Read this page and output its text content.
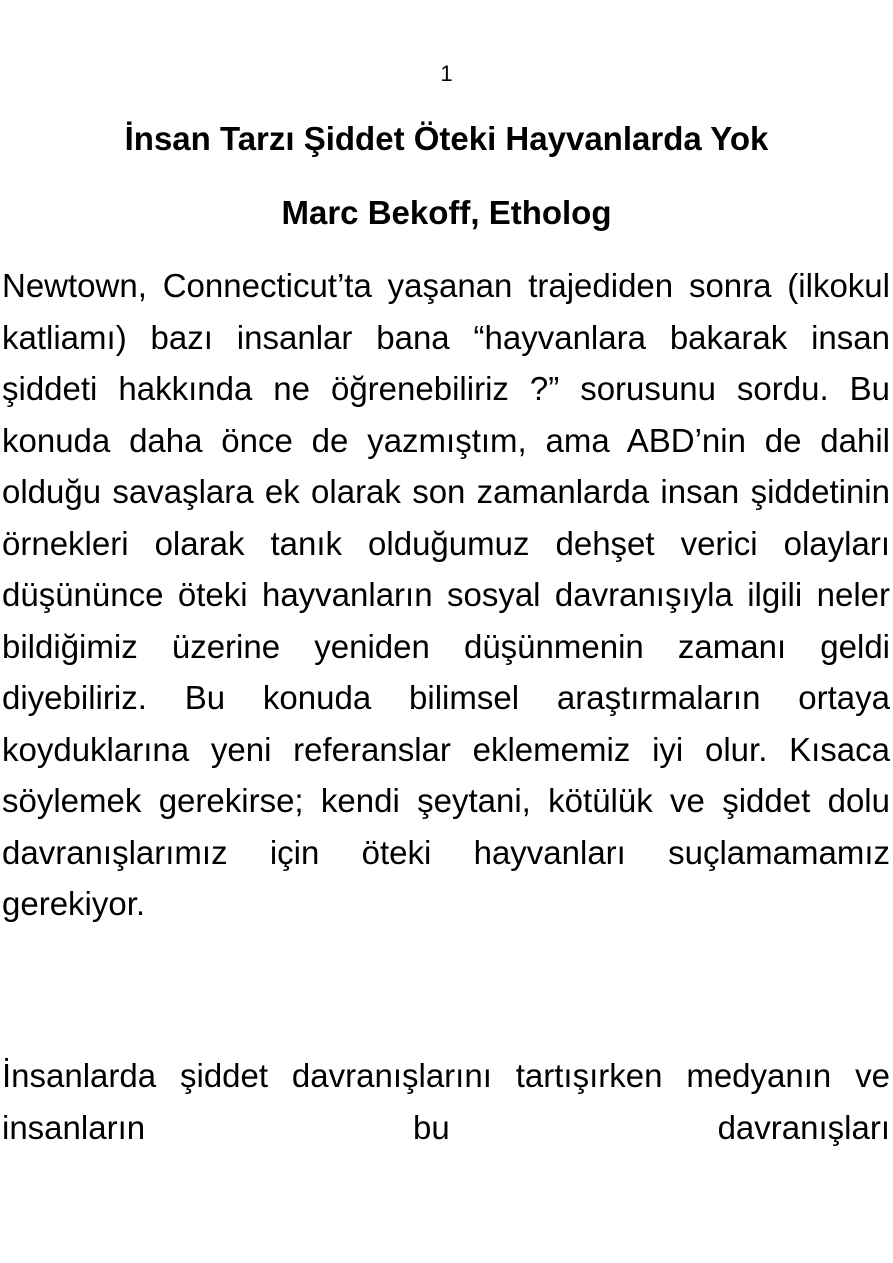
1
İnsan Tarzı Şiddet Öteki Hayvanlarda Yok
Marc Bekoff, Etholog

Newtown, Connecticut’ta yaşanan trajediden sonra (ilkokul katliamı) bazı insanlar bana “hayvanlara bakarak insan şiddeti hakkında ne öğrenebiliriz ?” sorusunu sordu. Bu konuda daha önce de yazmıştım, ama ABD’nin de dahil olduğu savaşlara ek olarak son zamanlarda insan şiddetinin örnekleri olarak tanık olduğumuz dehşet verici olayları düşününce öteki hayvanların sosyal davranışıyla ilgili neler bildiğimiz üzerine yeniden düşünmenin zamanı geldi diyebiliriz. Bu konuda bilimsel araştırmaların ortaya koyduklarına yeni referanslar eklememiz iyi olur. Kısaca söylemek gerekirse; kendi şeytani, kötülük ve şiddet dolu davranışlarımız için öteki hayvanları suçlamamamız gerekiyor.

İnsanlarda şiddet davranışlarını tartışırken medyanın ve insanların bu davranışları
